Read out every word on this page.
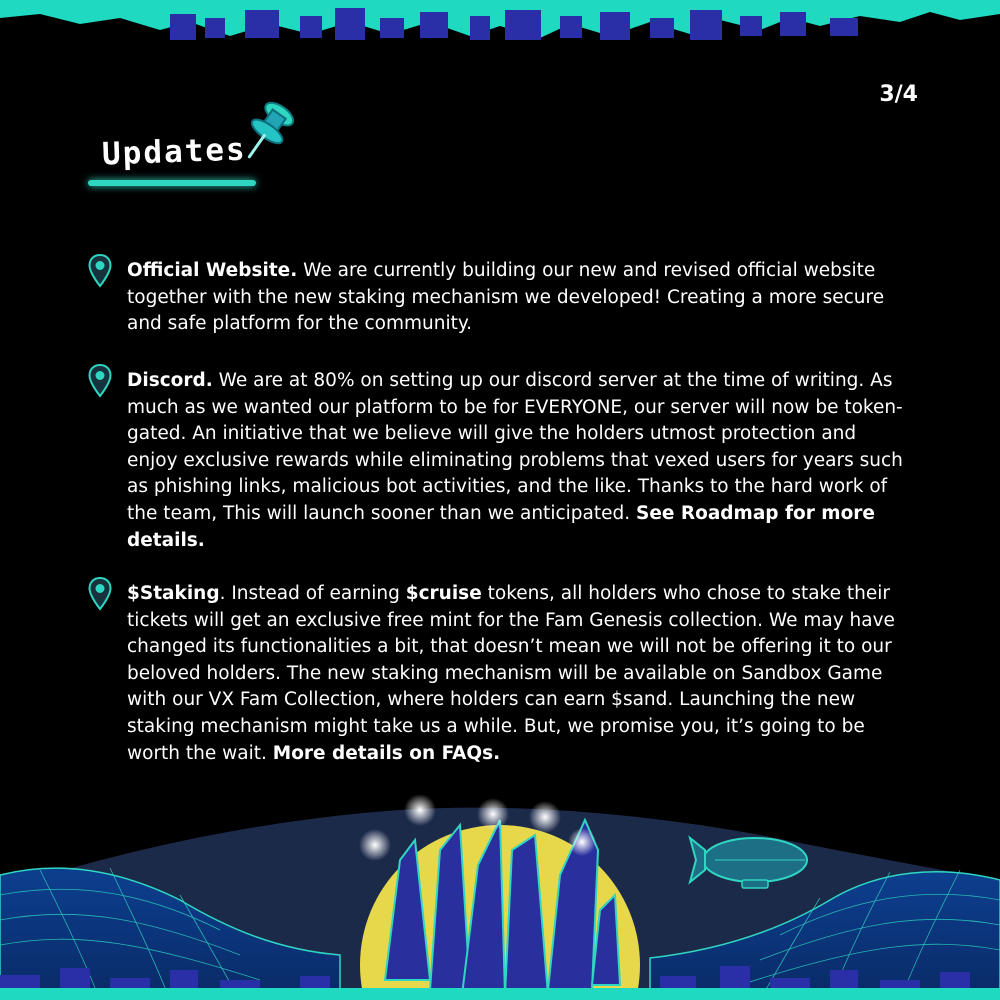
3/4
Updates
Official Website. We are currently building our new and revised official website together with the new staking mechanism we developed! Creating a more secure and safe platform for the community.
Discord. We are at 80% on setting up our discord server at the time of writing. As much as we wanted our platform to be for EVERYONE, our server will now be token-gated. An initiative that we believe will give the holders utmost protection and enjoy exclusive rewards while eliminating problems that vexed users for years such as phishing links, malicious bot activities, and the like. Thanks to the hard work of the team, This will launch sooner than we anticipated. See Roadmap for more details.
$Staking. Instead of earning $cruise tokens, all holders who chose to stake their tickets will get an exclusive free mint for the Fam Genesis collection. We may have changed its functionalities a bit, that doesn’t mean we will not be offering it to our beloved holders. The new staking mechanism will be available on Sandbox Game with our VX Fam Collection, where holders can earn $sand. Launching the new staking mechanism might take us a while. But, we promise you, it’s going to be worth the wait. More details on FAQs.
